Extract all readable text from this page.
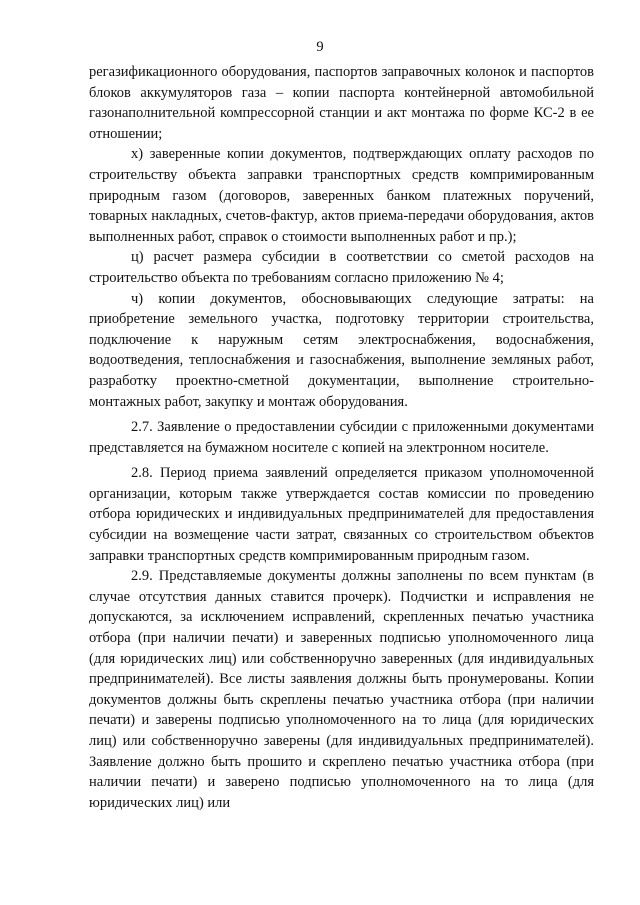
9

регазификационного оборудования, паспортов заправочных колонок и паспортов блоков аккумуляторов газа – копии паспорта контейнерной автомобильной газонаполнительной компрессорной станции и акт монтажа по форме КС-2 в ее отношении;

х) заверенные копии документов, подтверждающих оплату расходов по строительству объекта заправки транспортных средств компримированным природным газом (договоров, заверенных банком платежных поручений, товарных накладных, счетов-фактур, актов приема-передачи оборудования, актов выполненных работ, справок о стоимости выполненных работ и пр.);

ц) расчет размера субсидии в соответствии со сметой расходов на строительство объекта по требованиям согласно приложению № 4;

ч) копии документов, обосновывающих следующие затраты: на приобретение земельного участка, подготовку территории строительства, подключение к наружным сетям электроснабжения, водоснабжения, водоотведения, теплоснабжения и газоснабжения, выполнение земляных работ, разработку проектно-сметной документации, выполнение строительно-монтажных работ, закупку и монтаж оборудования.

2.7. Заявление о предоставлении субсидии с приложенными документами представляется на бумажном носителе с копией на электронном носителе.

2.8. Период приема заявлений определяется приказом уполномоченной организации, которым также утверждается состав комиссии по проведению отбора юридических и индивидуальных предпринимателей для предоставления субсидии на возмещение части затрат, связанных со строительством объектов заправки транспортных средств компримированным природным газом.

2.9. Представляемые документы должны заполнены по всем пунктам (в случае отсутствия данных ставится прочерк). Подчистки и исправления не допускаются, за исключением исправлений, скрепленных печатью участника отбора (при наличии печати) и заверенных подписью уполномоченного лица (для юридических лиц) или собственноручно заверенных (для индивидуальных предпринимателей). Все листы заявления должны быть пронумерованы. Копии документов должны быть скреплены печатью участника отбора (при наличии печати) и заверены подписью уполномоченного на то лица (для юридических лиц) или собственноручно заверены (для индивидуальных предпринимателей). Заявление должно быть прошито и скреплено печатью участника отбора (при наличии печати) и заверено подписью уполномоченного на то лица (для юридических лиц) или
